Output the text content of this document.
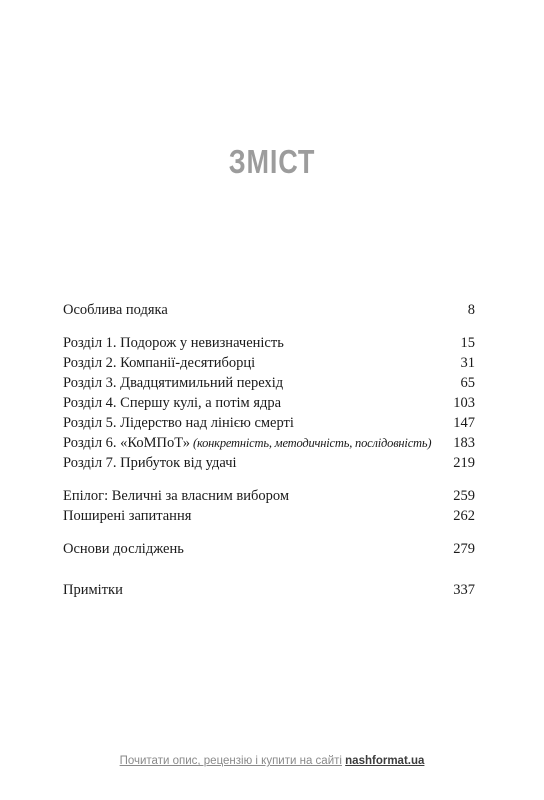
ЗМІСТ
Особлива подяка	8
Розділ 1. Подорож у невизначеність	15
Розділ 2. Компанії-десятиборці	31
Розділ 3. Двадцятимильний перехід	65
Розділ 4. Спершу кулі, а потім ядра	103
Розділ 5. Лідерство над лінією смерті	147
Розділ 6. «КоМПоТ» (конкретність, методичність, послідовність) 183
Розділ 7. Прибуток від удачі	219
Епілог: Величні за власним вибором	259
Поширені запитання	262
Основи досліджень	279
Примітки	337
Почитати опис, рецензію і купити на сайті nashformat.ua
